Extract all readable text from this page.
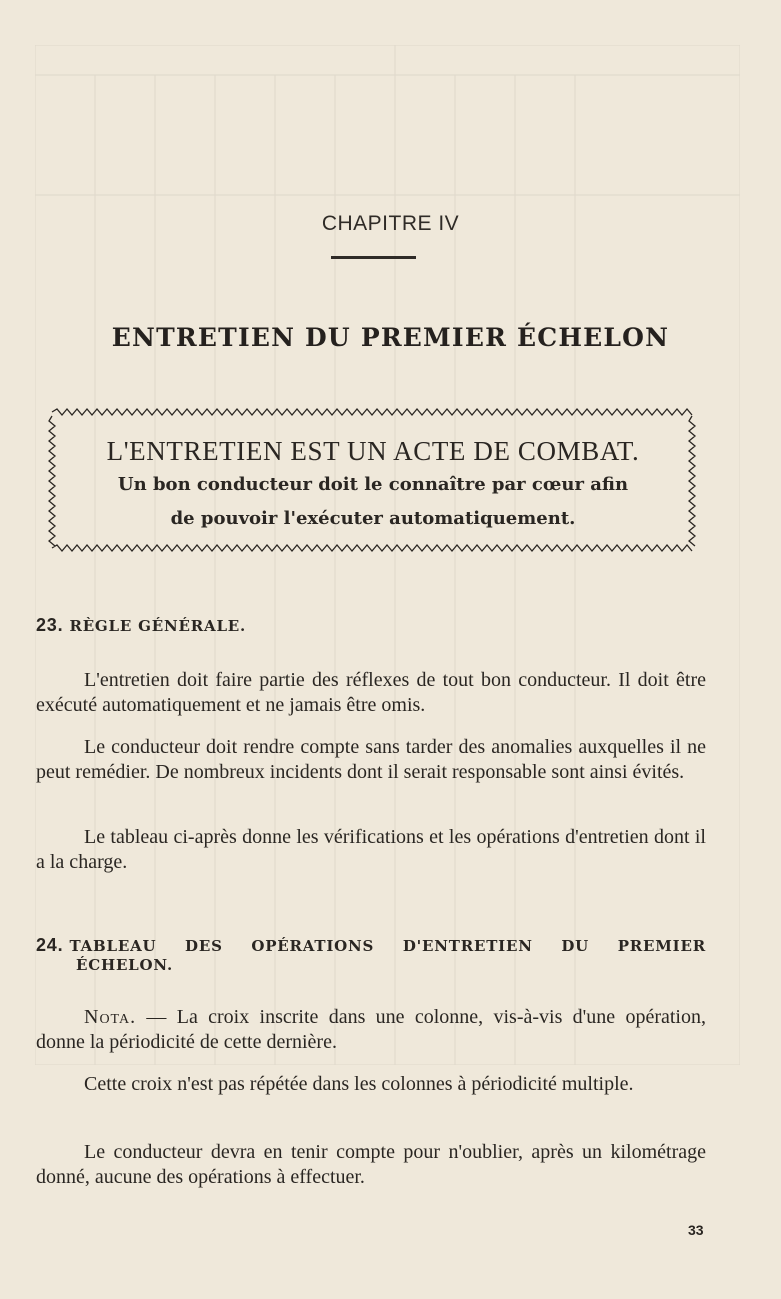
CHAPITRE IV
ENTRETIEN DU PREMIER ÉCHELON
L'ENTRETIEN EST UN ACTE DE COMBAT.
Un bon conducteur doit le connaître par cœur afin
de pouvoir l'exécuter automatiquement.
23. RÈGLE GÉNÉRALE.
L'entretien doit faire partie des réflexes de tout bon conducteur. Il doit être exécuté automatiquement et ne jamais être omis.
Le conducteur doit rendre compte sans tarder des anomalies auxquelles il ne peut remédier. De nombreux incidents dont il serait responsable sont ainsi évités.
Le tableau ci-après donne les vérifications et les opérations d'entretien dont il a la charge.
24. TABLEAU DES OPÉRATIONS D'ENTRETIEN DU PREMIER
ÉCHELON.
Nota. — La croix inscrite dans une colonne, vis-à-vis d'une opération, donne la périodicité de cette dernière.
Cette croix n'est pas répétée dans les colonnes à périodicité multiple.
Le conducteur devra en tenir compte pour n'oublier, après un kilométrage donné, aucune des opérations à effectuer.
33
